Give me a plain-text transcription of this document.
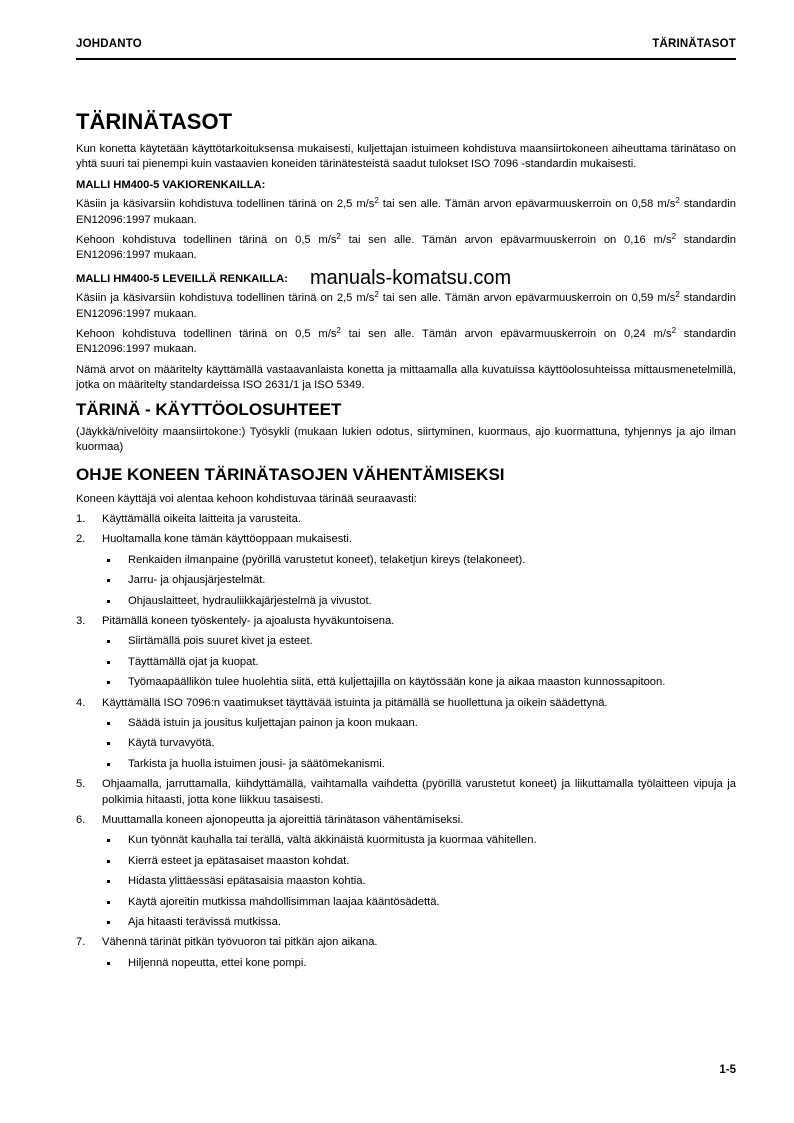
JOHDANTO	TÄRINÄTASOT
TÄRINÄTASOT

Kun konetta käytetään käyttötarkoituksensa mukaisesti, kuljettajan istuimeen kohdistuva maansiirtokoneen aiheuttama tärinätaso on yhtä suuri tai pienempi kuin vastaavien koneiden tärinätesteistä saadut tulokset ISO 7096 -standardin mukaisesti.

MALLI HM400-5 VAKIORENKAILLA:

Käsiin ja käsivarsiin kohdistuva todellinen tärinä on 2,5 $m/s^2$ tai sen alle. Tämän arvon epävarmuuskerroin on 0,58 $m/s^2$ standardin EN12096:1997 mukaan.

Kehoon kohdistuva todellinen tärinä on 0,5 $m/s^2$ tai sen alle. Tämän arvon epävarmuuskerroin on 0,16 $m/s^2$ standardin EN12096:1997 mukaan.

MALLI HM400-5 LEVEILLÄ RENKAILLA: manuals-komatsu.com

Käsiin ja käsivarsiin kohdistuva todellinen tärinä on 2,5 $m/s^2$ tai sen alle. Tämän arvon epävarmuuskerroin on 0,59 $m/s^2$ standardin EN12096:1997 mukaan.

Kehoon kohdistuva todellinen tärinä on 0,5 $m/s^2$ tai sen alle. Tämän arvon epävarmuuskerroin on 0,24 $m/s^2$ standardin EN12096:1997 mukaan.

Nämä arvot on määritelty käyttämällä vastaavanlaista konetta ja mittaamalla alla kuvatuissa käyttöolosuhteissa mittausmenetelmillä, jotka on määritelty standardeissa ISO 2631/1 ja ISO 5349.

TÄRINÄ - KÄYTTÖOLOSUHTEET

(Jäykkä/nivelöity maansiirtokone:) Työsykli (mukaan lukien odotus, siirtyminen, kuormaus, ajo kuormattuna, tyhjennys ja ajo ilman kuormaa)

OHJE KONEEN TÄRINÄTASOJEN VÄHENTÄMISEKSI

Koneen käyttäjä voi alentaa kehoon kohdistuvaa tärinää seuraavasti:

1. Käyttämällä oikeita laitteita ja varusteita.
2. Huoltamalla kone tämän käyttöoppaan mukaisesti.
Renkaiden ilmanpaine (pyörillä varustetut koneet), telaketjun kireys (telakoneet).
Jarru- ja ohjausjärjestelmät.
Ohjauslaitteet, hydrauliikkajärjestelmä ja vivustot.
3. Pitämällä koneen työskentely- ja ajoalusta hyväkuntoisena.
Siirtämällä pois suuret kivet ja esteet.
Täyttämällä ojat ja kuopat.
Työmaapäällikön tulee huolehtia siitä, että kuljettajilla on käytössään kone ja aikaa maaston kunnossapitoon.
4. Käyttämällä ISO 7096:n vaatimukset täyttävää istuinta ja pitämällä se huollettuna ja oikein säädettynä.
Säädä istuin ja jousitus kuljettajan painon ja koon mukaan.
Käytä turvavyötä.
Tarkista ja huolla istuimen jousi- ja säätömekanismi.
5. Ohjaamalla, jarruttamalla, kiihdyttämällä, vaihtamalla vaihdetta (pyörillä varustetut koneet) ja liikuttamalla työlaitteen vipuja ja polkimia hitaasti, jotta kone liikkuu tasaisesti.
6. Muuttamalla koneen ajonopeutta ja ajoreittiä tärinätason vähentämiseksi.
Kun työnnät kauhalla tai terällä, vältä äkkinäistä kuormitusta ja kuormaa vähitellen.
Kierrä esteet ja epätasaiset maaston kohdat.
Hidasta ylittäessäsi epätasaisia maaston kohtia.
Käytä ajoreitin mutkissa mahdollisimman laajaa kääntösädettä.
Aja hitaasti terävissä mutkissa.
7. Vähennä tärinät pitkän työvuoron tai pitkän ajon aikana.
Hiljennä nopeutta, ettei kone pompi.
1-5
